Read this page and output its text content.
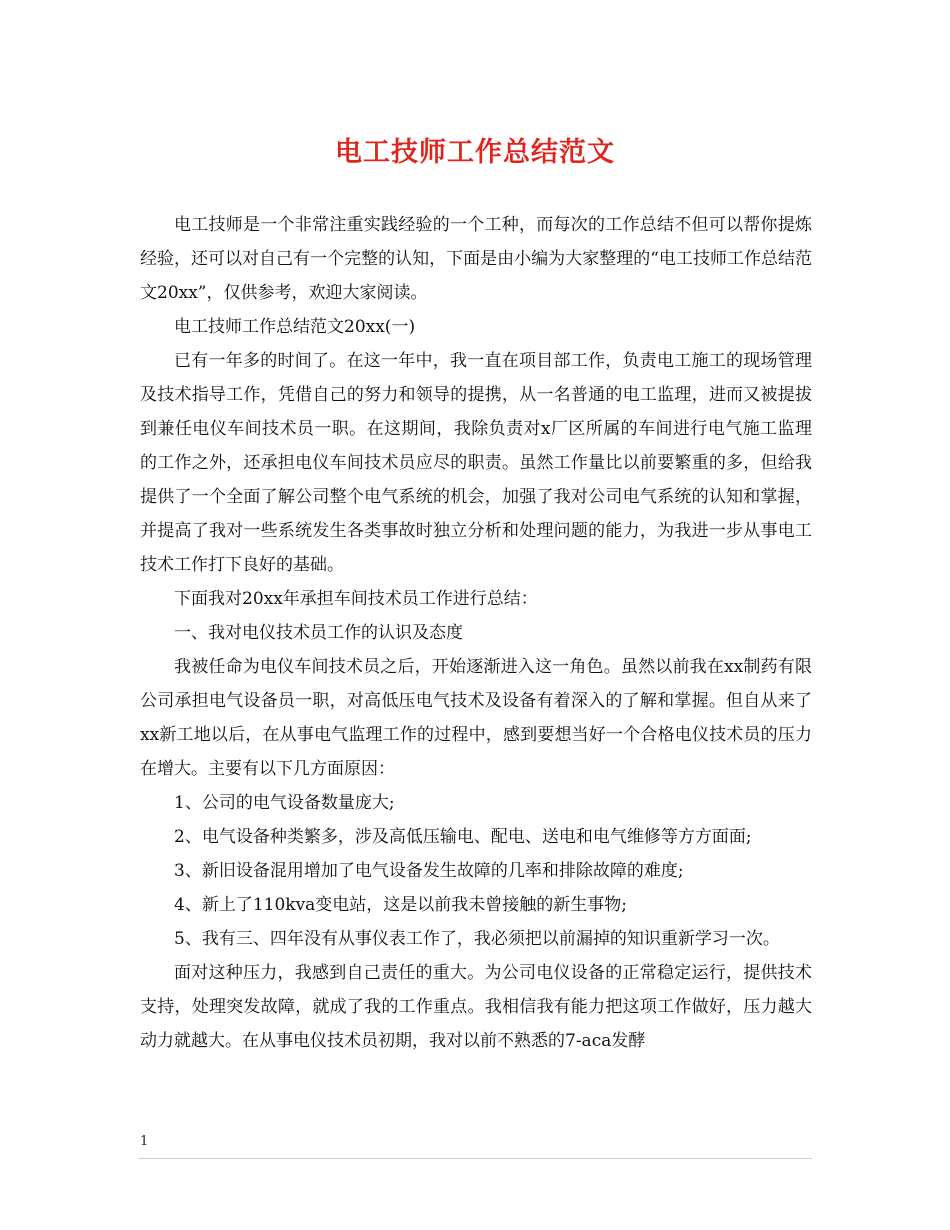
电工技师工作总结范文

电工技师是一个非常注重实践经验的一个工种，而每次的工作总结不但可以帮你提炼经验，还可以对自己有一个完整的认知，下面是由小编为大家整理的“电工技师工作总结范文20xx”，仅供参考，欢迎大家阅读。

电工技师工作总结范文20xx(一)

已有一年多的时间了。在这一年中，我一直在项目部工作，负责电工施工的现场管理及技术指导工作，凭借自己的努力和领导的提携，从一名普通的电工监理，进而又被提拔到兼任电仪车间技术员一职。在这期间，我除负责对x厂区所属的车间进行电气施工监理的工作之外，还承担电仪车间技术员应尽的职责。虽然工作量比以前要繁重的多，但给我提供了一个全面了解公司整个电气系统的机会，加强了我对公司电气系统的认知和掌握，并提高了我对一些系统发生各类事故时独立分析和处理问题的能力，为我进一步从事电工技术工作打下良好的基础。

下面我对20xx年承担车间技术员工作进行总结：

一、我对电仪技术员工作的认识及态度

我被任命为电仪车间技术员之后，开始逐渐进入这一角色。虽然以前我在xx制药有限公司承担电气设备员一职，对高低压电气技术及设备有着深入的了解和掌握。但自从来了xx新工地以后，在从事电气监理工作的过程中，感到要想当好一个合格电仪技术员的压力在增大。主要有以下几方面原因：

1、公司的电气设备数量庞大;

2、电气设备种类繁多，涉及高低压输电、配电、送电和电气维修等方方面面;

3、新旧设备混用增加了电气设备发生故障的几率和排除故障的难度;

4、新上了110kva变电站，这是以前我未曾接触的新生事物;

5、我有三、四年没有从事仪表工作了，我必须把以前漏掉的知识重新学习一次。

面对这种压力，我感到自己责任的重大。为公司电仪设备的正常稳定运行，提供技术支持，处理突发故障，就成了我的工作重点。我相信我有能力把这项工作做好，压力越大动力就越大。在从事电仪技术员初期，我对以前不熟悉的7-aca发酵

1
